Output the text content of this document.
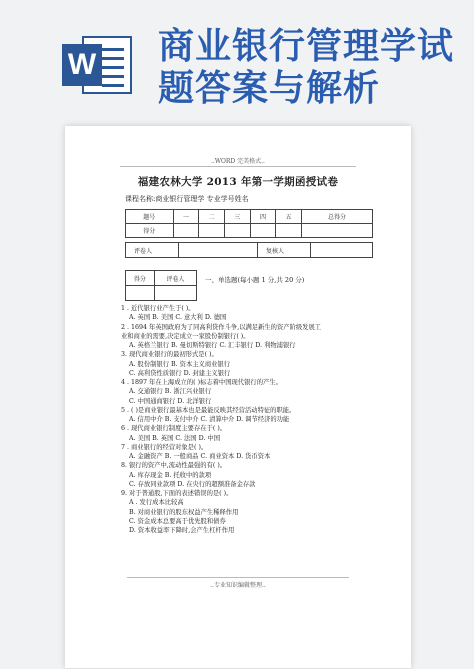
W 商业银行管理学试
题答案与解析
..WORD 完美格式..
福建农林大学 2013 年第一学期函授试卷
课程名称:商业银行管理学 专业学号姓名
题号	一	二	三	四	五	总得分
得分						
评卷人		复核人	
得分	评卷人
		一、单选题(每小题 1 分,共 20 分)
1 . 近代银行业产生于( )。
A. 英国 B. 美国 C. 意大利 D. 德国
2 . 1694 年英国政府为了同高利贷作斗争,以满足新生的资产阶级发展工
业和商业的需要,决定成立一家股份制银行( )。
A. 英格兰银行 B. 曼切斯特银行 C. 汇丰银行 D. 利物浦银行
3. 现代商业银行的最初形式是( )。
A. 股份制银行 B. 资本主义商业银行
C. 高利贷性质银行 D. 封建主义银行
4 . 1897 年在上海成立的( )标志着中国现代银行的产生。
A. 交通银行 B. 浙江兴业银行
C. 中国通商银行 D. 北洋银行
5 . ( )是商业银行最基本也是最能反映其经营活动特征的职能。
A. 信用中介 B. 支付中介 C. 清算中介 D. 调节经济的功能
6 . 现代商业银行制度主要存在于( )。
A. 美国 B. 英国 C. 法国 D. 中国
7 . 商业银行的经营对象是( )。
A. 金融资产 B. 一般商品 C. 商业资本 D. 货币资本
8. 银行的资产中,流动性最强的有( )。
A. 库存现金 B. 托收中的款项
C. 存放同业款项 D. 在央行的超额准备金存款
9. 对于普通股,下面的表述错误的是( )。
A . 发行成本比较高
B. 对商业银行的股东权益产生稀释作用
C. 资金成本总要高于优先股和债券
D. 资本收益率下降时,会产生杠杆作用
..专业知识编辑整理..
